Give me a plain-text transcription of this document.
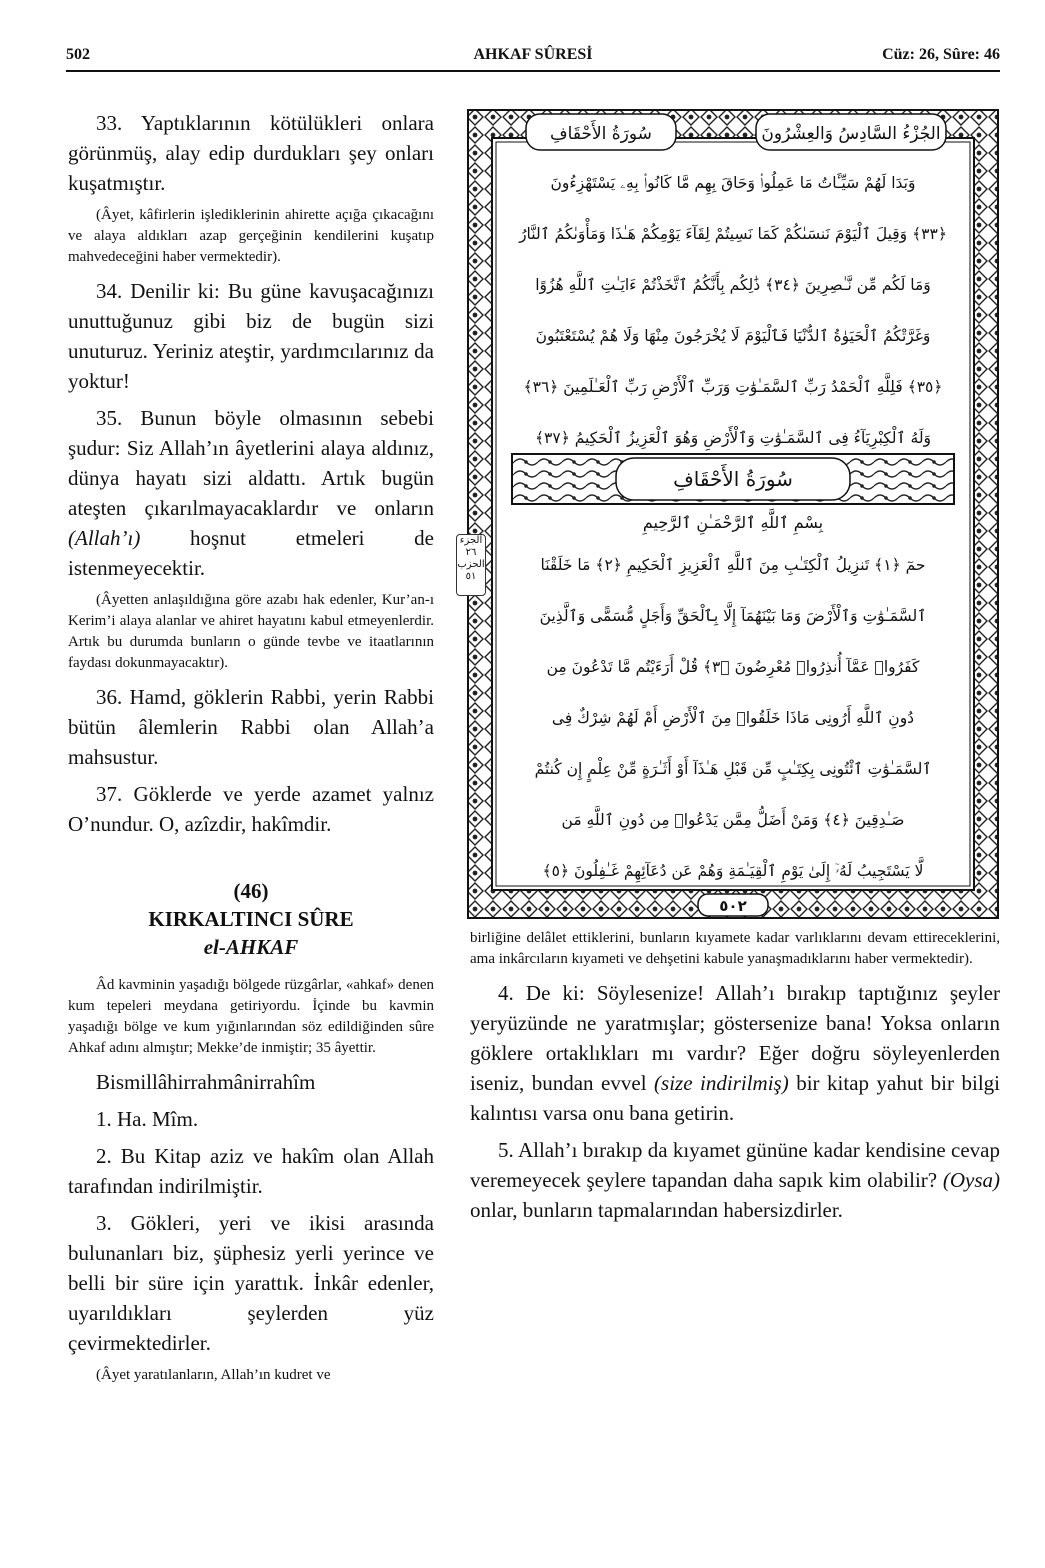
502	AHKAF SÛRESİ	Cüz: 26, Sûre: 46

33. Yaptıklarının kötülükleri onlara görünmüş, alay edip durdukları şey onları kuşatmıştır.

(Âyet, kâfirlerin işlediklerinin ahirette açığa çıkacağını ve alaya aldıkları azap gerçeğinin kendilerini kuşatıp mahvedeceğini haber vermektedir).

34. Denilir ki: Bu güne kavuşacağınızı unuttuğunuz gibi biz de bugün sizi unuturuz. Yeriniz ateştir, yardımcılarınız da yoktur!

35. Bunun böyle olmasının sebebi şudur: Siz Allah’ın âyetlerini alaya aldınız, dünya hayatı sizi aldattı. Artık bugün ateşten çıkarılmayacaklardır ve onların (Allah’ı) hoşnut etmeleri de istenmeyecektir.

(Âyetten anlaşıldığına göre azabı hak edenler, Kur’an-ı Kerim’i alaya alanlar ve ahiret hayatını kabul etmeyenlerdir. Artık bu durumda bunların o günde tevbe ve itaatlarının faydası dokunmayacaktır).

36. Hamd, göklerin Rabbi, yerin Rabbi bütün âlemlerin Rabbi olan Allah’a mahsustur.

37. Göklerde ve yerde azamet yalnız O’nundur. O, azîzdir, hakîmdir.

(46)
KIRKALTINCI SÛRE
el-AHKAF

Âd kavminin yaşadığı bölgede rüzgârlar, «ahkaf» denen kum tepeleri meydana getiriyordu. İçinde bu kavmin yaşadığı bölge ve kum yığınlarından söz edildiğinden sûre Ahkaf adını almıştır; Mekke’de inmiştir; 35 âyettir.

Bismillâhirrahmânirrahîm

1. Ha. Mîm.

2. Bu Kitap aziz ve hakîm olan Allah tarafından indirilmiştir.

3. Gökleri, yeri ve ikisi arasında bulunanları biz, şüphesiz yerli yerince ve belli bir süre için yarattık. İnkâr edenler, uyarıldıkları şeylerden yüz çevirmektedirler.

(Âyet yaratılanların, Allah’ın kudret ve

الجُزْءُ السَّادِسُ وَالعِشْرُونَ
سُورَةُ الأَحْقَافِ
وَبَدَا لَهُمْ سَيِّـَٔاتُ مَا عَمِلُوا۟ وَحَاقَ بِهِم مَّا كَانُوا۟ بِهِۦ يَسْتَهْزِءُونَ
﴿٣٣﴾ وَقِيلَ ٱلْيَوْمَ نَنسَىٰكُمْ كَمَا نَسِيتُمْ لِقَآءَ يَوْمِكُمْ هَـٰذَا وَمَأْوَىٰكُمُ ٱلنَّارُ
وَمَا لَكُم مِّن نَّـٰصِرِينَ ﴿٣٤﴾ ذَٰلِكُم بِأَنَّكُمُ ٱتَّخَذْتُمْ ءَايَـٰتِ ٱللَّهِ هُزُوًا
وَغَرَّتْكُمُ ٱلْحَيَوٰةُ ٱلدُّنْيَا فَٱلْيَوْمَ لَا يُخْرَجُونَ مِنْهَا وَلَا هُمْ يُسْتَعْتَبُونَ
﴿٣٥﴾ فَلِلَّهِ ٱلْحَمْدُ رَبِّ ٱلسَّمَـٰوَٰتِ وَرَبِّ ٱلْأَرْضِ رَبِّ ٱلْعَـٰلَمِينَ ﴿٣٦﴾
وَلَهُ ٱلْكِبْرِيَآءُ فِى ٱلسَّمَـٰوَٰتِ وَٱلْأَرْضِ وَهُوَ ٱلْعَزِيزُ ٱلْحَكِيمُ ﴿٣٧﴾
سُورَةُ الأَحْقَافِ
بِسْمِ ٱللَّهِ ٱلرَّحْمَـٰنِ ٱلرَّحِيمِ
حمٓ ﴿١﴾ تَنزِيلُ ٱلْكِتَـٰبِ مِنَ ٱللَّهِ ٱلْعَزِيزِ ٱلْحَكِيمِ ﴿٢﴾ مَا خَلَقْنَا
ٱلسَّمَـٰوَٰتِ وَٱلْأَرْضَ وَمَا بَيْنَهُمَآ إِلَّا بِٱلْحَقِّ وَأَجَلٍ مُّسَمًّى وَٱلَّذِينَ
كَفَرُوا۟ عَمَّآ أُنذِرُوا۟ مُعْرِضُونَ ﴿٣﴾ قُلْ أَرَءَيْتُم مَّا تَدْعُونَ مِن
دُونِ ٱللَّهِ أَرُونِى مَاذَا خَلَقُوا۟ مِنَ ٱلْأَرْضِ أَمْ لَهُمْ شِرْكٌ فِى
ٱلسَّمَـٰوَٰتِ ٱئْتُونِى بِكِتَـٰبٍ مِّن قَبْلِ هَـٰذَآ أَوْ أَثَـٰرَةٍ مِّنْ عِلْمٍ إِن كُنتُمْ
صَـٰدِقِينَ ﴿٤﴾ وَمَنْ أَضَلُّ مِمَّن يَدْعُوا۟ مِن دُونِ ٱللَّهِ مَن
لَّا يَسْتَجِيبُ لَهُۥٓ إِلَىٰ يَوْمِ ٱلْقِيَـٰمَةِ وَهُمْ عَن دُعَآئِهِمْ غَـٰفِلُونَ ﴿٥﴾
٥٠٢
الجزء ٢٦ الحزب ٥١

birliğine delâlet ettiklerini, bunların kıyamete kadar varlıklarını devam ettireceklerini, ama inkârcıların kıyameti ve dehşetini kabule yanaşmadıklarını haber vermektedir).

4. De ki: Söylesenize! Allah’ı bırakıp taptığınız şeyler yeryüzünde ne yaratmışlar; göstersenize bana! Yoksa onların göklere ortaklıkları mı vardır? Eğer doğru söyleyenlerden iseniz, bundan evvel (size indirilmiş) bir kitap yahut bir bilgi kalıntısı varsa onu bana getirin.

5. Allah’ı bırakıp da kıyamet gününe kadar kendisine cevap veremeyecek şeylere tapandan daha sapık kim olabilir? (Oysa) onlar, bunların tapmalarından habersizdirler.
